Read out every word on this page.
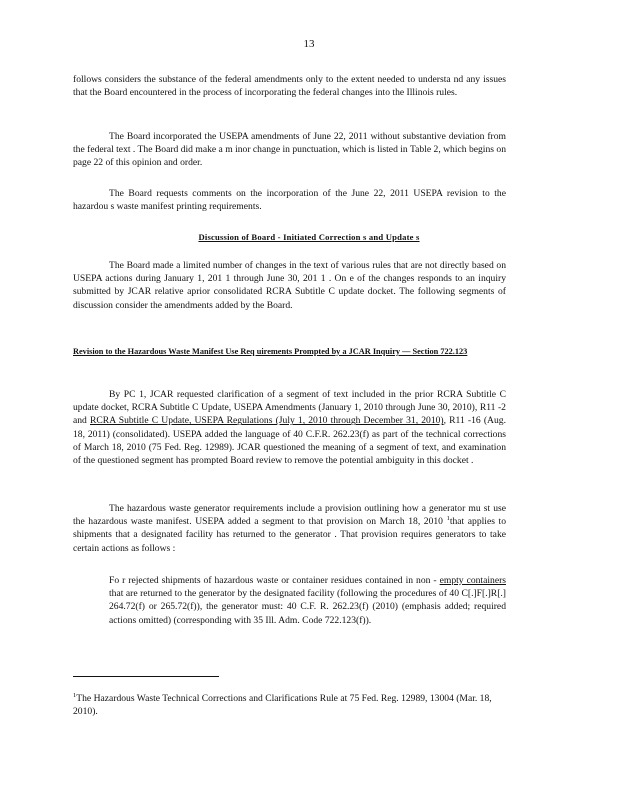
13

follows considers the substance of the federal amendments only to the extent needed to understa nd any issues that the Board encountered in the process of incorporating the federal changes into the Illinois rules.

The Board incorporated the USEPA amendments of June 22, 2011 without substantive deviation from the federal text . The Board did make a m inor change in punctuation, which is listed in Table 2, which begins on page 22 of this opinion and order.

The Board requests comments on the incorporation of the June 22, 2011 USEPA revision to the hazardou s waste manifest printing requirements.

Discussion of Board - Initiated Correction s and Update s

The Board made a limited number of changes in the text of various rules that are not directly based on USEPA actions during January 1, 201 1 through June 30, 201 1 . On e of the changes responds to an inquiry submitted by JCAR relative aprior consolidated RCRA Subtitle C update docket. The following segments of discussion consider the amendments added by the Board.

Revision to the Hazardous Waste Manifest Use Req uirements Prompted by a JCAR Inquiry — Section 722.123

By PC 1, JCAR requested clarification of a segment of text included in the prior RCRA Subtitle C update docket, RCRA Subtitle C Update, USEPA Amendments (January 1, 2010 through June 30, 2010), R11 -2 and RCRA Subtitle C Update, USEPA Regulations (July 1, 2010 through December 31, 2010), R11 -16 (Aug. 18, 2011) (consolidated). USEPA added the language of 40 C.F.R. 262.23(f) as part of the technical corrections of March 18, 2010 (75 Fed. Reg. 12989). JCAR questioned the meaning of a segment of text, and examination of the questioned segment has prompted Board review to remove the potential ambiguity in this docket .

The hazardous waste generator requirements include a provision outlining how a generator mu st use the hazardous waste manifest. USEPA added a segment to that provision on March 18, 2010 $^1$that applies to shipments that a designated facility has returned to the generator . That provision requires generators to take certain actions as follows :

Fo r rejected shipments of hazardous waste or container residues contained in non - empty containers that are returned to the generator by the designated facility (following the procedures of 40 C[.]F[.]R[.] 264.72(f) or 265.72(f)), the generator must: 40 C.F. R. 262.23(f) (2010) (emphasis added; required actions omitted) (corresponding with 35 Ill. Adm. Code 722.123(f)).

$^1$The Hazardous Waste Technical Corrections and Clarifications Rule at 75 Fed. Reg. 12989, 13004 (Mar. 18, 2010).
